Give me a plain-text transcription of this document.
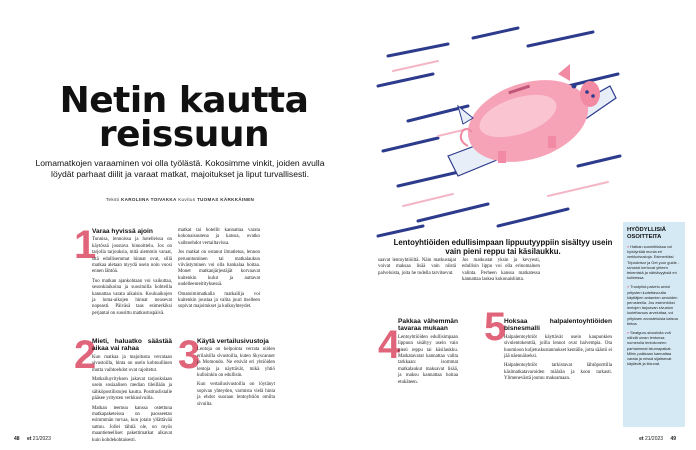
Netin kautta
reissuun
Lomamatkojen varaaminen voi olla työlästä. Kokosimme vinkit, joiden avulla löydät parhaat diilit ja varaat matkat, majoitukset ja liput turvallisesti.
Teksti KAROLIINA TOIVAKKA Kuvitus TUOMAS KÄRKKÄINEN
1
Varaa hyvissä ajoin

Tunnisa, lennoissa ja hotelleissa on käytössä joustava hinnoittelu. Jos on tarjolla tarjouksia, mitä aiemmin varaat, sitä edullisemmat hinnat ovat, sillä matkaa aletaan myydä usein noin vuosi ennen lähtöä.

Tuo matkan ajankohtaan voi vaikuttaa, sesonkiaikoina ja suosituilla kohteilla kannattaa varata aikaisin. Kouluaikojen ja loma-aikojen hinnat nousevat nopeasti. Päiväsä taas esimerkiksi perjantai on suosittu matkustuspäivä.

2
Mieti, haluatko säästää aikaa vai rahaa

Kun matkaa ja majoitusta verrataan sivustoilla, hinta on usein kohtuullinen mutta vaihtoehdot ovat rajoitetut.

Matkailuyrityksen jakavat tarjouksiaan usein sosiaalisen median tileillään ja sähköpostilistojen kautta. Postituslistalle pääsee yritysten verkkosivuilla.

Matkan teemuu kanssa ostettuna matkapaketeissa on paosseetan esimmmän turvaa, kun jotain yllättävää sattuu. Jollei tähtiä ole, on myös maantieteelliset pakettimatkat alkavat kuin kohdekohtaisesti.

matkat tai hotellit kannattaa varata kokonaisuutena ja katsoa, ovatko vaihtoehdot vertailtavissa.

Jos matkat on ostanut ilmatietoa, lennon peruuntuminen tai matkalaukun viivästyminen voi olla hankalaa hoitaa. Monet matkanjärjestäjät korvaavat kuitenkin kulut ja auttavat uudelleenreitityksessä.

Omatoimimatkalla matkailija voi kuitenkin joustaa ja valita juuri itselleen sopivat majoitukset ja kulkuyhteydet.

3
Käytä vertailusivustoja

Lentoja on helpointa verrata niiden erilaisilla sivustoilla, kuten Skyscanner ja Momondo. Ne etsivät eri yhtiöiden lentoja ja näyttävät, mikä yhtiö kulloinkin on edullisin.

Kun vertailusivustoilla on löytänyt sopivan yhteyden, varmista vielä hinta ja ehdot suoraan lentoyhtiön omilta sivuilta.

48 et 21/2023	et 21/2023 49
Lentoyhtiöiden edullisimpaan lippuutyyppiin sisältyy usein vain pieni reppu tai käsilaukku.

saavat lentoyhtiöiltä. Näin matkustajat voivat maksaa lisää vain niistä palveluista, joita he todella tarvitsevat.

Jos matkustat yksin ja kevyesti, edullisin lippu voi olla erinomainen valinta. Perheen kanssa matkatessa kannattaa laskea kokonaishinta.

4
Pakkaa vähemmän tavaraa mukaan

Lentoyhtiöiden edullisimpaan lippuun sisältyy usein vain pieni reppu tai käsilaukku. Matkatavarat kannattaa valita tarkkaan: isommat matkalaukut maksavat lisää, ja maksu kannattaa hoitaa etukäteen.

5
Hoksaa halpalentoyhtiöiden bisnesmalli

Halpalentoyhtiöt käyttävät usein kaupunkien sivulentokenttiä, joilla lennot ovat halvempia. Ota huomioon kuljetuskustannukset kentälle, jotta säästö ei jää näennäiseksi.

Halpalentoyhtiöt tarkistavat lähtöporttilla käsimatkatavaroiden määrän ja koon tarkasti. Ylimenevästä joutuu maksamaan.

HYÖDYLLISIÄ OSOITTEITA
» Hatkan suomitiloissa voi hyödyntää monia eri verkkoivustoja. Esimerkiksi Tripadvisor ja Get your guide -sivustot kertovat yhteen tekemistä ja nähtävyyksiä eri kohteissa.
» Trustpilot-palvelu arvioi yritysten luotettavuutta käyttäjien antamien arvioiden perusteella. Jos esimerkiksi lentojen tarjoavan sivuston luotettavuus arveluttaa, voi yrityksen arvosteluista katsoa tietoa.
» Seatguru-sivustolta voit nähdä oman lentonsa numerolla lentokoneen parhaimmat istumapaikat. Mihin paikkaan kannattaa varata ja missä sijaitsevat käytävät ja ikkunat.
